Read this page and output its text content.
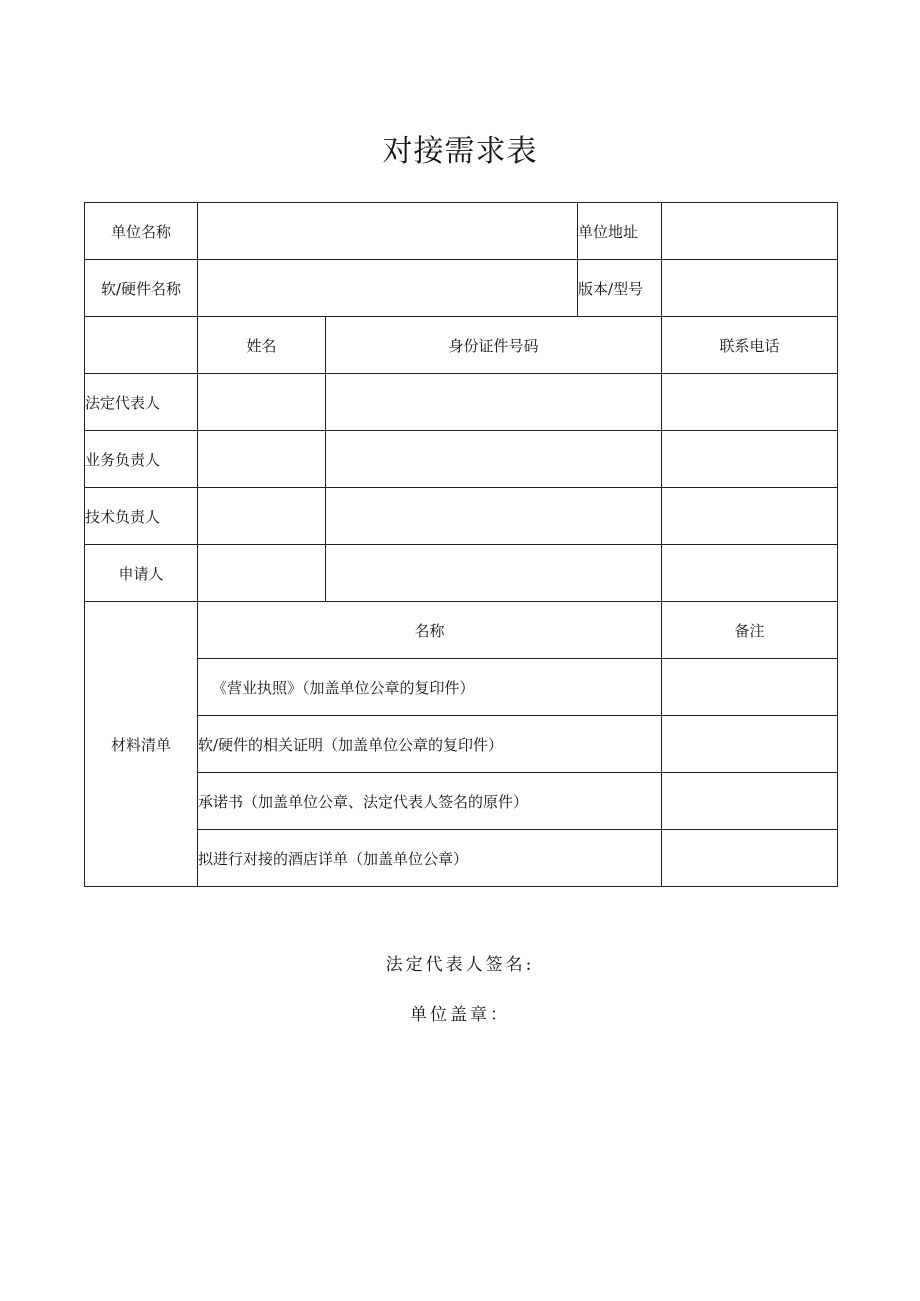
对接需求表
单位名称			单位地址	
软/硬件名称			版本/型号	
	姓名	身份证件号码		联系电话
法定代表人				
业务负责人				
技术负责人				
申请人				
材料清单	名称			备注
	《营业执照》（加盖单位公章的复印件）			
	软/硬件的相关证明（加盖单位公章的复印件）			
	承诺书（加盖单位公章、法定代表人签名的原件）			
	拟进行对接的酒店详单（加盖单位公章）			
法定代表人签名:
单位盖章：
